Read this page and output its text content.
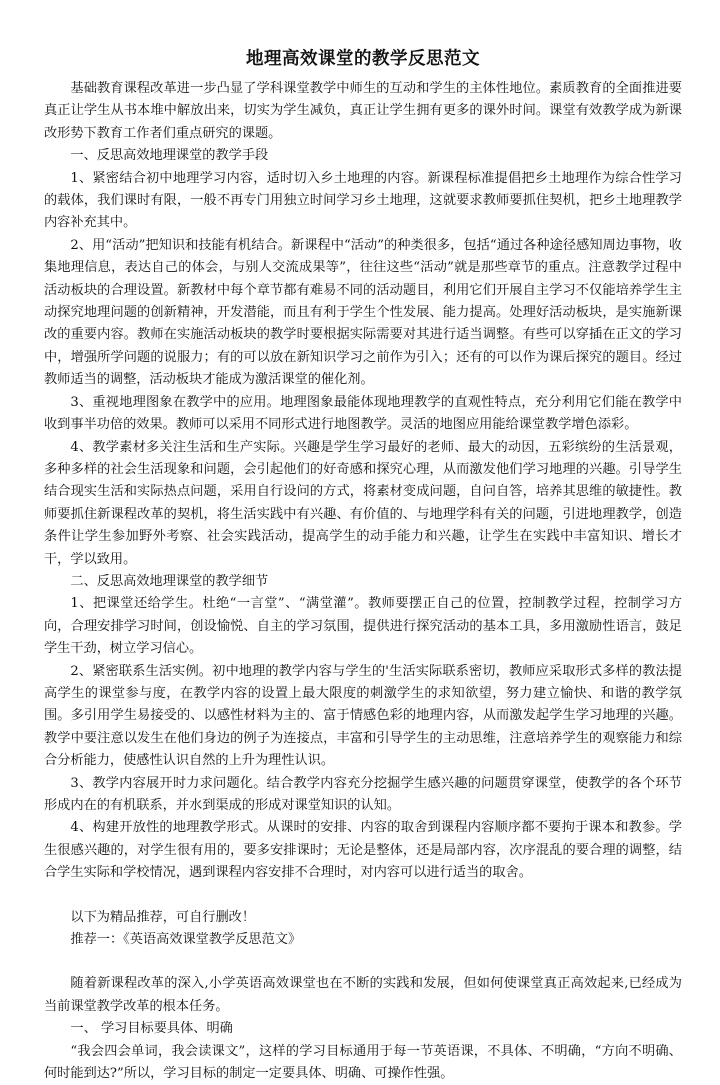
地理高效课堂的教学反思范文

基础教育课程改革进一步凸显了学科课堂教学中师生的互动和学生的主体性地位。素质教育的全面推进要真正让学生从书本堆中解放出来，切实为学生减负，真正让学生拥有更多的课外时间。课堂有效教学成为新课改形势下教育工作者们重点研究的课题。

一、反思高效地理课堂的教学手段

1、紧密结合初中地理学习内容，适时切入乡土地理的内容。新课程标准提倡把乡土地理作为综合性学习的载体，我们课时有限，一般不再专门用独立时间学习乡土地理，这就要求教师要抓住契机，把乡土地理教学内容补充其中。

2、用“活动”把知识和技能有机结合。新课程中“活动”的种类很多，包括“通过各种途径感知周边事物，收集地理信息，表达自己的体会，与别人交流成果等”，往往这些“活动”就是那些章节的重点。注意教学过程中活动板块的合理设置。新教材中每个章节都有难易不同的活动题目，利用它们开展自主学习不仅能培养学生主动探究地理问题的创新精神，开发潜能，而且有利于学生个性发展、能力提高。处理好活动板块，是实施新课改的重要内容。教师在实施活动板块的教学时要根据实际需要对其进行适当调整。有些可以穿插在正文的学习中，增强所学问题的说服力；有的可以放在新知识学习之前作为引入；还有的可以作为课后探究的题目。经过教师适当的调整，活动板块才能成为激活课堂的催化剂。

3、重视地理图象在教学中的应用。地理图象最能体现地理教学的直观性特点，充分利用它们能在教学中收到事半功倍的效果。教师可以采用不同形式进行地图教学。灵活的地图应用能给课堂教学增色添彩。

4、教学素材多关注生活和生产实际。兴趣是学生学习最好的老师、最大的动因，五彩缤纷的生活景观，多种多样的社会生活现象和问题，会引起他们的好奇感和探究心理，从而激发他们学习地理的兴趣。引导学生结合现实生活和实际热点问题，采用自行设问的方式，将素材变成问题，自问自答，培养其思维的敏捷性。教师要抓住新课程改革的契机，将生活实践中有兴趣、有价值的、与地理学科有关的问题，引进地理教学，创造条件让学生参加野外考察、社会实践活动，提高学生的动手能力和兴趣，让学生在实践中丰富知识、增长才干，学以致用。

二、反思高效地理课堂的教学细节

1、把课堂还给学生。杜绝“一言堂”、“满堂灌”。教师要摆正自己的位置，控制教学过程，控制学习方向，合理安排学习时间，创设愉悦、自主的学习氛围，提供进行探究活动的基本工具，多用激励性语言，鼓足学生干劲，树立学习信心。

2、紧密联系生活实例。初中地理的教学内容与学生的'生活实际联系密切，教师应采取形式多样的教法提高学生的课堂参与度，在教学内容的设置上最大限度的刺激学生的求知欲望，努力建立愉快、和谐的教学氛围。多引用学生易接受的、以感性材料为主的、富于情感色彩的地理内容，从而激发起学生学习地理的兴趣。教学中要注意以发生在他们身边的例子为连接点，丰富和引导学生的主动思维，注意培养学生的观察能力和综合分析能力，使感性认识自然的上升为理性认识。

3、教学内容展开时力求问题化。结合教学内容充分挖掘学生感兴趣的问题贯穿课堂，使教学的各个环节形成内在的有机联系，并水到渠成的形成对课堂知识的认知。

4、构建开放性的地理教学形式。从课时的安排、内容的取舍到课程内容顺序都不要拘于课本和教参。学生很感兴趣的，对学生很有用的，要多安排课时；无论是整体，还是局部内容，次序混乱的要合理的调整，结合学生实际和学校情况，遇到课程内容安排不合理时，对内容可以进行适当的取舍。

以下为精品推荐，可自行删改！

推荐一：《英语高效课堂教学反思范文》

随着新课程改革的深入,小学英语高效课堂也在不断的实践和发展，但如何使课堂真正高效起来,已经成为当前课堂教学改革的根本任务。

一、 学习目标要具体、明确

“我会四会单词，我会读课文”，这样的学习目标通用于每一节英语课，不具体、不明确，“方向不明确、何时能到达?”所以，学习目标的制定一定要具体、明确、可操作性强。
